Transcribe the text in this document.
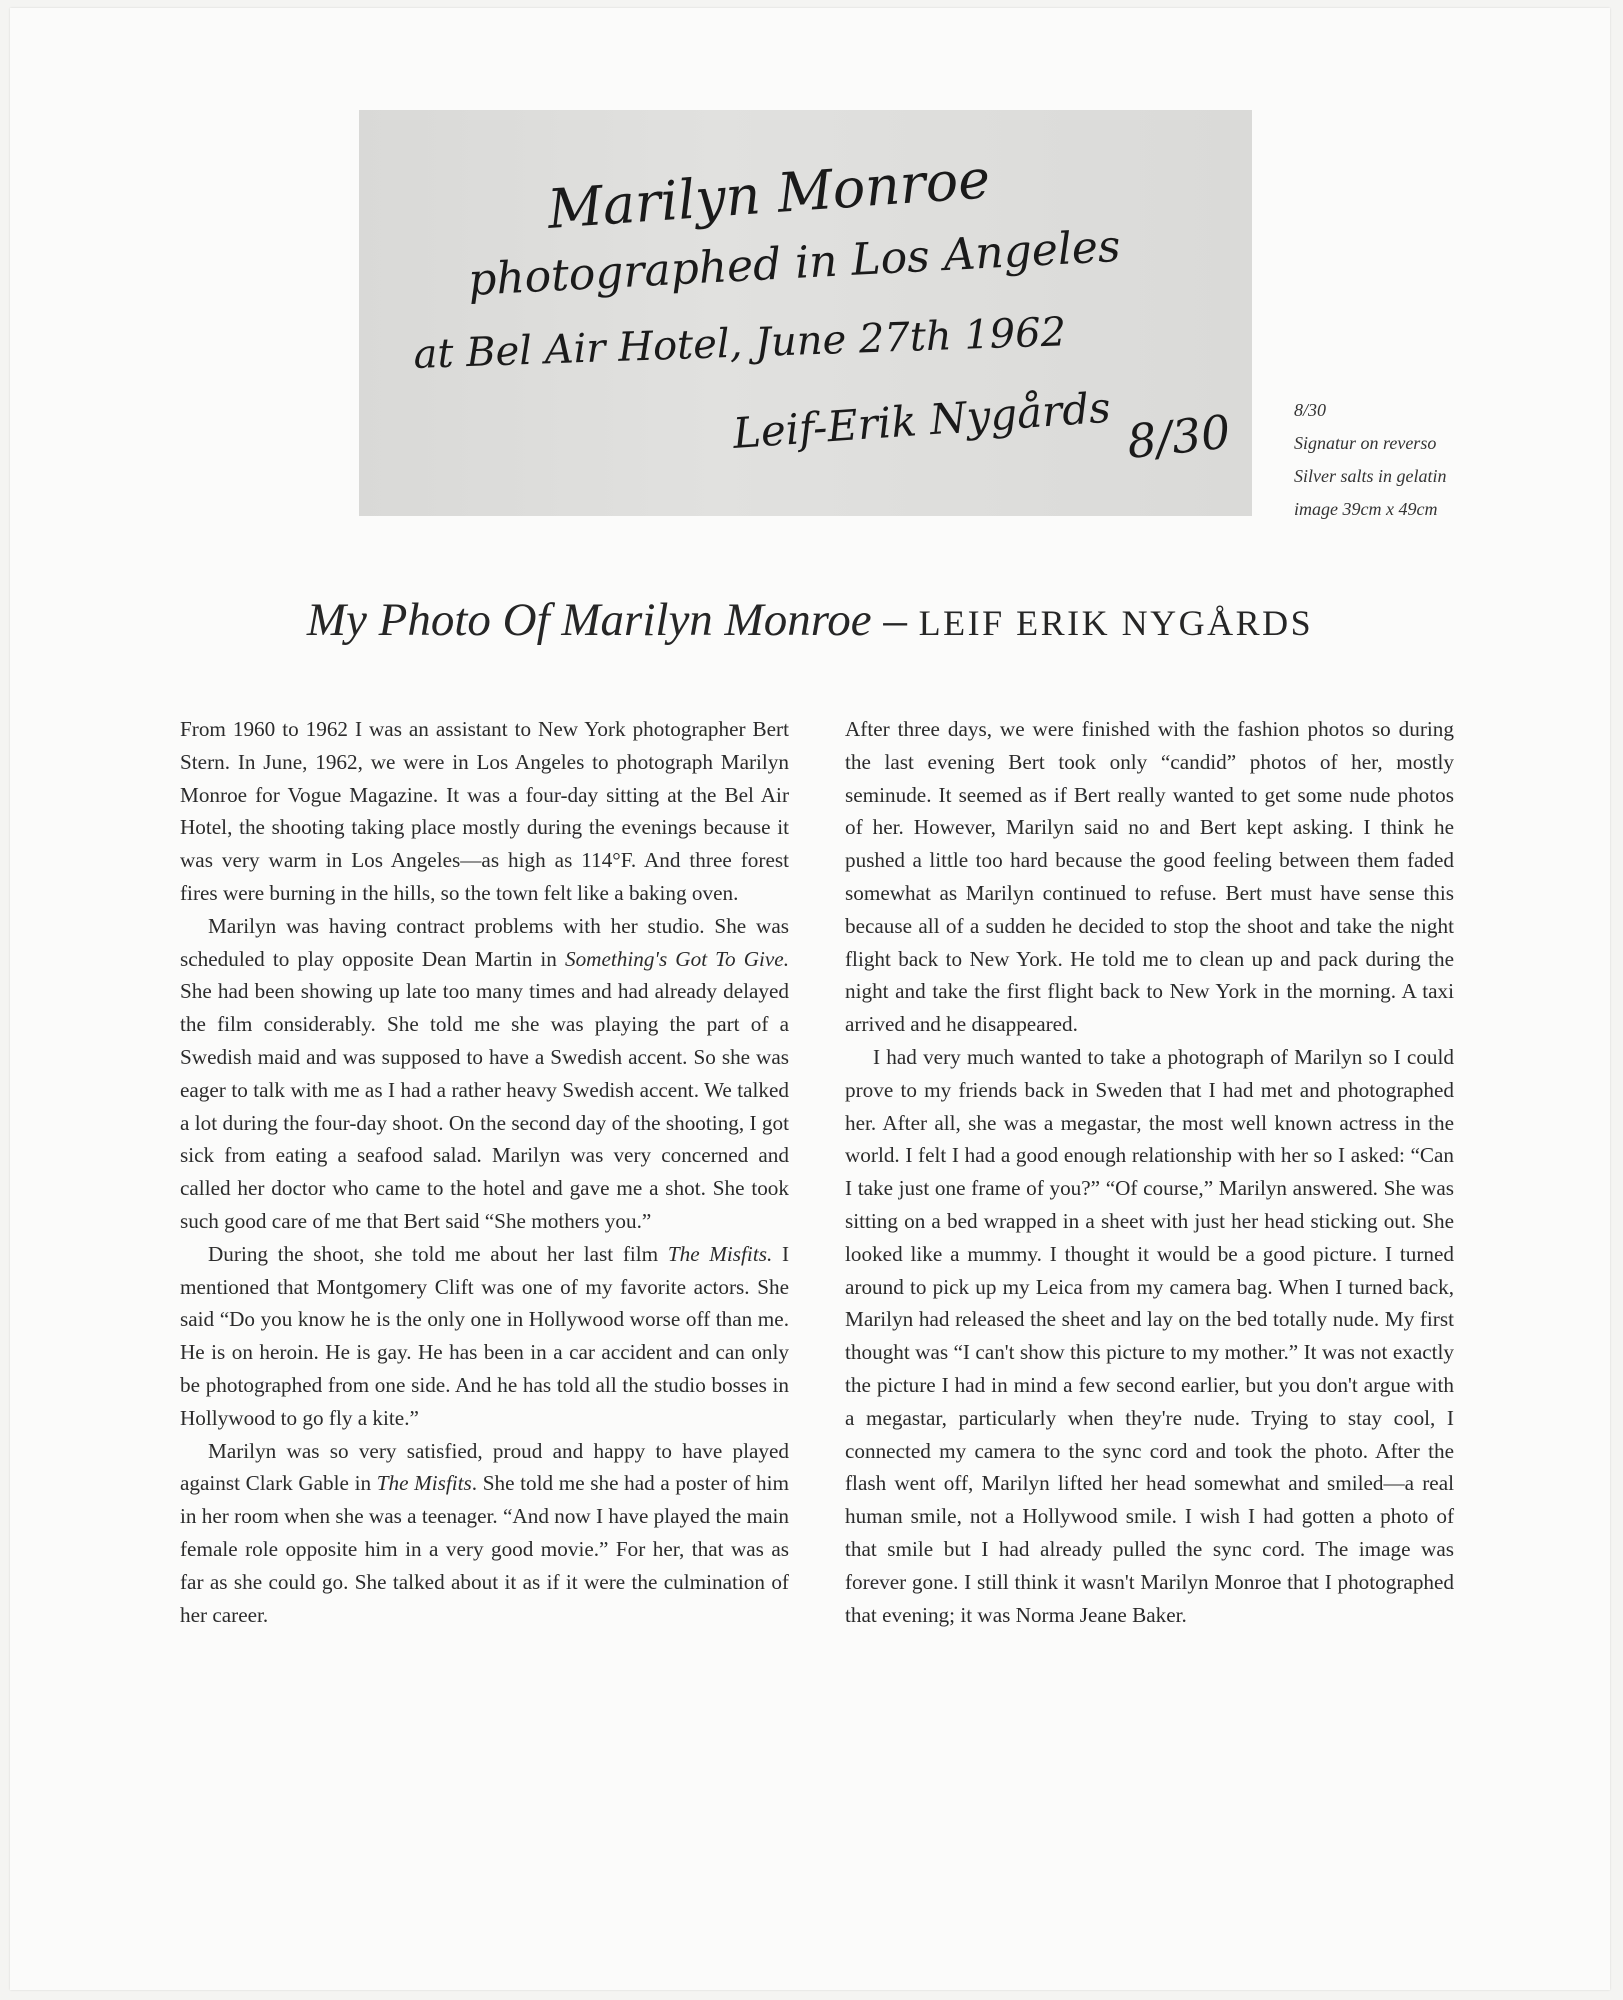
Marilyn Monroe
photographed in Los Angeles
at Bel Air Hotel, June 27th 1962
Leif-Erik Nygårds 8/30	8/30
Signatur on reverso
Silver salts in gelatin
image 39cm x 49cm
My Photo Of Marilyn Monroe – LEIF ERIK NYGÅRDS

From 1960 to 1962 I was an assistant to New York photographer Bert Stern. In June, 1962, we were in Los Angeles to photograph Marilyn Monroe for Vogue Magazine. It was a four-day sitting at the Bel Air Hotel, the shooting taking place mostly during the evenings because it was very warm in Los Angeles—as high as 114°F. And three forest fires were burning in the hills, so the town felt like a baking oven.

Marilyn was having contract problems with her studio. She was scheduled to play opposite Dean Martin in Something's Got To Give. She had been showing up late too many times and had already delayed the film considerably. She told me she was playing the part of a Swedish maid and was supposed to have a Swedish accent. So she was eager to talk with me as I had a rather heavy Swedish accent. We talked a lot during the four-day shoot. On the second day of the shooting, I got sick from eating a seafood salad. Marilyn was very concerned and called her doctor who came to the hotel and gave me a shot. She took such good care of me that Bert said “She mothers you.”

During the shoot, she told me about her last film The Misfits. I mentioned that Montgomery Clift was one of my favorite actors. She said “Do you know he is the only one in Hollywood worse off than me. He is on heroin. He is gay. He has been in a car accident and can only be photographed from one side. And he has told all the studio bosses in Hollywood to go fly a kite.”

Marilyn was so very satisfied, proud and happy to have played against Clark Gable in The Misfits. She told me she had a poster of him in her room when she was a teenager. “And now I have played the main female role opposite him in a very good movie.” For her, that was as far as she could go. She talked about it as if it were the culmination of her career.

After three days, we were finished with the fashion photos so during the last evening Bert took only “candid” photos of her, mostly seminude. It seemed as if Bert really wanted to get some nude photos of her. However, Marilyn said no and Bert kept asking. I think he pushed a little too hard because the good feeling between them faded somewhat as Marilyn continued to refuse. Bert must have sense this because all of a sudden he decided to stop the shoot and take the night flight back to New York. He told me to clean up and pack during the night and take the first flight back to New York in the morning. A taxi arrived and he disappeared.

I had very much wanted to take a photograph of Marilyn so I could prove to my friends back in Sweden that I had met and photographed her. After all, she was a megastar, the most well known actress in the world. I felt I had a good enough relationship with her so I asked: “Can I take just one frame of you?” “Of course,” Marilyn answered. She was sitting on a bed wrapped in a sheet with just her head sticking out. She looked like a mummy. I thought it would be a good picture. I turned around to pick up my Leica from my camera bag. When I turned back, Marilyn had released the sheet and lay on the bed totally nude. My first thought was “I can't show this picture to my mother.” It was not exactly the picture I had in mind a few second earlier, but you don't argue with a megastar, particularly when they're nude. Trying to stay cool, I connected my camera to the sync cord and took the photo. After the flash went off, Marilyn lifted her head somewhat and smiled—a real human smile, not a Hollywood smile. I wish I had gotten a photo of that smile but I had already pulled the sync cord. The image was forever gone. I still think it wasn't Marilyn Monroe that I photographed that evening; it was Norma Jeane Baker.
